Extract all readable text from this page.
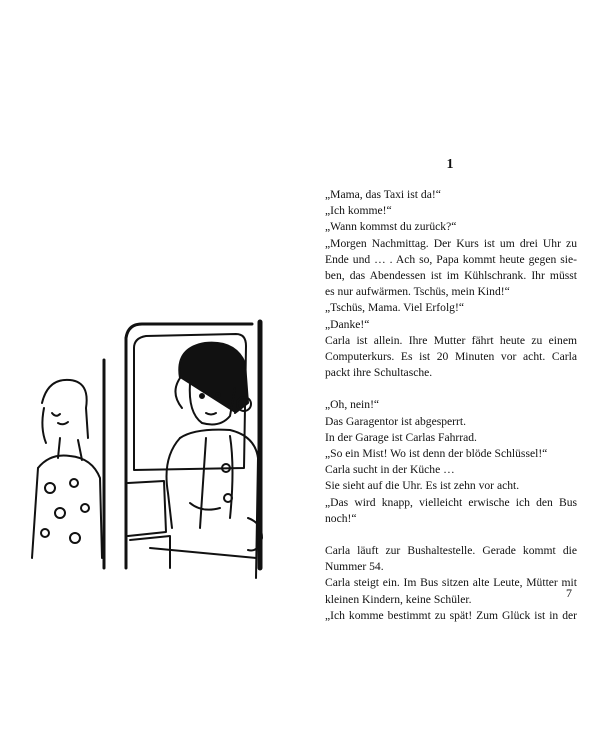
1
„Mama, das Taxi ist da!“
„Ich komme!“
„Wann kommst du zurück?“
„Morgen Nachmittag. Der Kurs ist um drei Uhr zu
Ende und … . Ach so, Papa kommt heute gegen sie-
ben, das Abendessen ist im Kühlschrank. Ihr müsst
es nur aufwärmen. Tschüs, mein Kind!“
„Tschüs, Mama. Viel Erfolg!“
„Danke!“
Carla ist allein. Ihre Mutter fährt heute zu einem
Computerkurs. Es ist 20 Minuten vor acht. Carla
packt ihre Schultasche.
„Oh, nein!“
Das Garagentor ist abgesperrt.
In der Garage ist Carlas Fahrrad.
„So ein Mist! Wo ist denn der blöde Schlüssel!“
Carla sucht in der Küche …
Sie sieht auf die Uhr. Es ist zehn vor acht.
„Das wird knapp, vielleicht erwische ich den Bus
noch!“
Carla läuft zur Bushaltestelle. Gerade kommt die
Nummer 54.
Carla steigt ein. Im Bus sitzen alte Leute, Mütter mit
kleinen Kindern, keine Schüler.
„Ich komme bestimmt zu spät! Zum Glück ist in der
7
